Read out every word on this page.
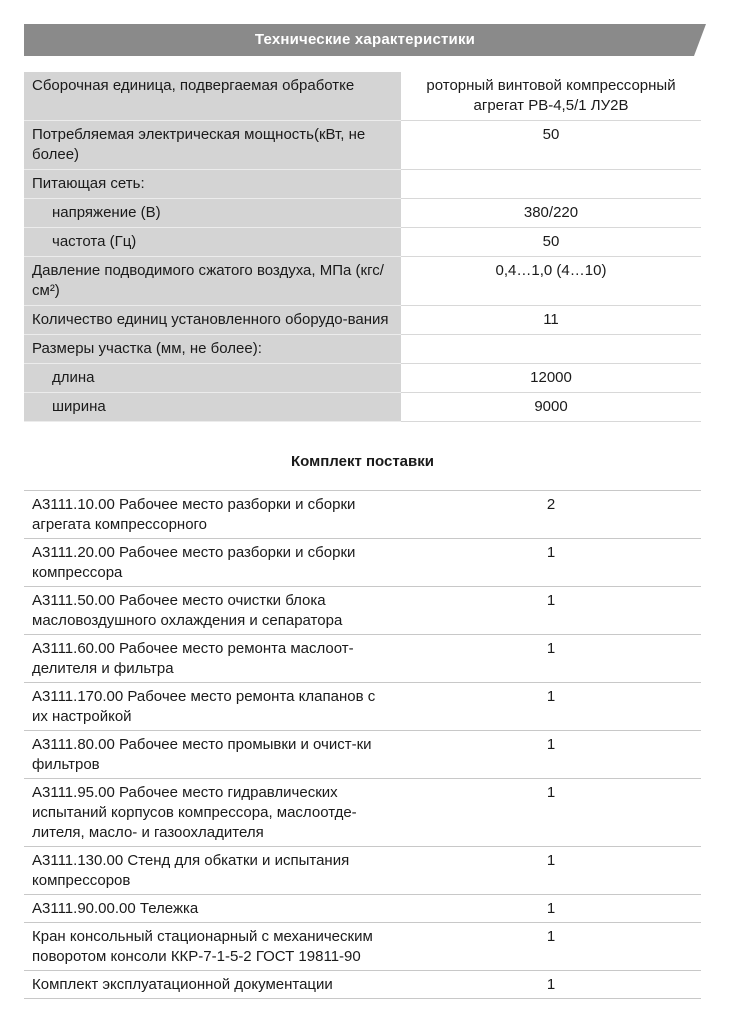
Технические характеристики
Сборочная единица, подвергаемая обработке	роторный винтовой компрессорный агрегат РВ-4,5/1 ЛУ2В
Потребляемая электрическая мощность(кВт, не более)	50
Питающая сеть:	
напряжение (В)	380/220
частота (Гц)	50
Давление подводимого сжатого воздуха, МПа (кгс/см²)	0,4…1,0 (4…10)
Количество единиц установленного оборудо-вания	11
Размеры участка (мм, не более):	
длина	12000
ширина	9000
Комплект поставки
А3111.10.00 Рабочее место разборки и сборки агрегата компрессорного	2
А3111.20.00 Рабочее место разборки и сборки компрессора	1
А3111.50.00 Рабочее место очистки блока масловоздушного охлаждения и сепаратора	1
А3111.60.00 Рабочее место ремонта маслоот-делителя и фильтра	1
А3111.170.00 Рабочее место ремонта клапанов с их настройкой	1
А3111.80.00 Рабочее место промывки и очист-ки фильтров	1
А3111.95.00 Рабочее место гидравлических испытаний корпусов компрессора, маслоотде-лителя, масло- и газоохладителя	1
А3111.130.00 Стенд для обкатки и испытания компрессоров	1
А3111.90.00.00 Тележка	1
Кран консольный стационарный с механическим поворотом консоли ККР-7-1-5-2 ГОСТ 19811-90	1
Комплект эксплуатационной документации	1
